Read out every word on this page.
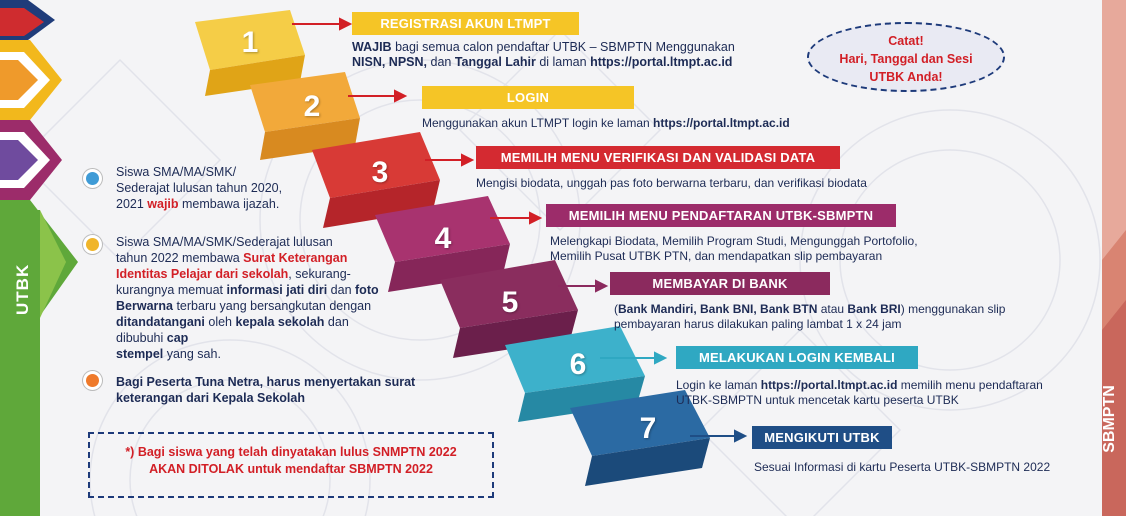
UTBK
SBMPTN
1
2
3
4
5
6
7
REGISTRASI AKUN LTMPT
LOGIN
MEMILIH MENU VERIFIKASI DAN VALIDASI DATA
MEMILIH MENU PENDAFTARAN UTBK-SBMPTN
MEMBAYAR DI BANK
MELAKUKAN LOGIN KEMBALI
MENGIKUTI UTBK
WAJIB bagi semua calon pendaftar UTBK – SBMPTN Menggunakan
NISN, NPSN, dan Tanggal Lahir di laman https://portal.ltmpt.ac.id
Menggunakan akun LTMPT login ke laman https://portal.ltmpt.ac.id
Mengisi biodata, unggah pas foto berwarna terbaru, dan verifikasi biodata
Melengkapi Biodata, Memilih Program Studi, Mengunggah Portofolio,
Memilih Pusat UTBK PTN, dan mendapatkan slip pembayaran
(Bank Mandiri, Bank BNI, Bank BTN atau Bank BRI) menggunakan slip
pembayaran harus dilakukan paling lambat 1 x 24 jam
Login ke laman https://portal.ltmpt.ac.id memilih menu pendaftaran
UTBK-SBMPTN untuk mencetak kartu peserta UTBK
Sesuai Informasi di kartu Peserta UTBK-SBMPTN 2022
Catat!
Hari, Tanggal dan Sesi
UTBK Anda!
Siswa SMA/MA/SMK/
Sederajat lulusan tahun 2020,
2021 wajib membawa ijazah.
Siswa SMA/MA/SMK/Sederajat lulusan
tahun 2022 membawa Surat Keterangan
Identitas Pelajar dari sekolah, sekurang-
kurangnya memuat informasi jati diri dan foto
Berwarna terbaru yang bersangkutan dengan
ditandatangani oleh kepala sekolah dan dibubuhi cap
stempel yang sah.
Bagi Peserta Tuna Netra, harus menyertakan surat
keterangan dari Kepala Sekolah
*) Bagi siswa yang telah dinyatakan lulus SNMPTN 2022
AKAN DITOLAK untuk mendaftar SBMPTN 2022
